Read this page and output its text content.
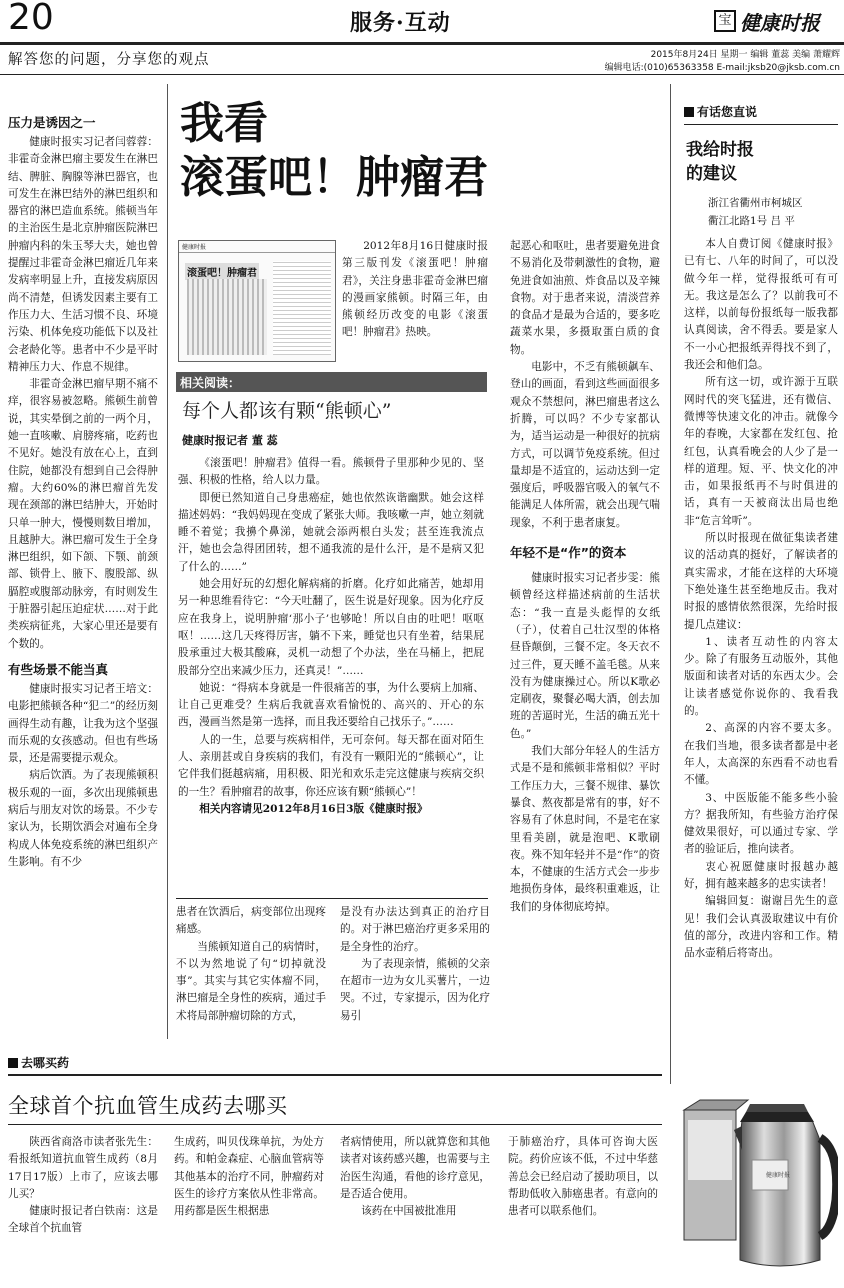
20	服务·互动	宝 健康时报
解答您的问题，分享您的观点	2015年8月24日 星期一 编辑 董蕊 美编 萧耀辉
编辑电话:(010)65363358 E-mail:jksb20@jksb.com.cn
压力是诱因之一

健康时报实习记者闫蓉蓉：非霍奇金淋巴瘤主要发生在淋巴结、脾脏、胸腺等淋巴器官，也可发生在淋巴结外的淋巴组织和器官的淋巴造血系统。熊顿当年的主治医生是北京肿瘤医院淋巴肿瘤内科的朱玉琴大夫，她也曾提醒过非霍奇金淋巴瘤近几年来发病率明显上升，直接发病原因尚不清楚，但诱发因素主要有工作压力大、生活习惯不良、环境污染、机体免疫功能低下以及社会老龄化等。患者中不少是平时精神压力大、作息不规律。

非霍奇金淋巴瘤早期不痛不痒，很容易被忽略。熊顿生前曾说，其实晕倒之前的一两个月，她一直咳嗽、肩膀疼痛，吃药也不见好。她没有放在心上，直到住院，她都没有想到自己会得肿瘤。大约60%的淋巴瘤首先发现在颈部的淋巴结肿大，开始时只单一肿大，慢慢则数目增加，且越肿大。淋巴瘤可发生于全身淋巴组织，如下颌、下颚、前颈部、锁骨上、腋下、腹股部、纵膈腔或腹部动脉旁，有时则发生于脏器引起压迫症状……对于此类疾病征兆，大家心里还是要有个数的。

有些场景不能当真

健康时报实习记者王培文：电影把熊顿各种“犯二”的经历刻画得生动有趣，让我为这个坚强而乐观的女孩感动。但也有些场景，还是需要提示观众。

病后饮酒。为了表现熊顿积极乐观的一面，多次出现熊顿患病后与朋友对饮的场景。不少专家认为，长期饮酒会对遍布全身构成人体免疫系统的淋巴组织产生影响。有不少

我看
滚蛋吧！肿瘤君
健康时报
滚蛋吧！肿瘤君

2012年8月16日健康时报第三版刊发《滚蛋吧！肿瘤君》，关注身患非霍奇金淋巴瘤的漫画家熊顿。时隔三年，由熊顿经历改变的电影《滚蛋吧！肿瘤君》热映。

相关阅读：
每个人都该有颗“熊顿心”
健康时报记者 董 蕊

《滚蛋吧！肿瘤君》值得一看。熊顿骨子里那种少见的、坚强、积极的性格，给人以力量。

即便已然知道自己身患癌症，她也依然诙谐幽默。她会这样描述妈妈：“我妈妈现在变成了紧张大师。我咳嗽一声，她立刻就睡不着觉；我擤个鼻涕，她就会添两根白头发；甚至连我流点汗，她也会急得团团转，想不通我流的是什么汗，是不是病又犯了什么的……”

她会用好玩的幻想化解病痛的折磨。化疗如此痛苦，她却用另一种思维看待它：“今天吐翻了，医生说是好现象。因为化疗反应在我身上，说明肿瘤‘那小子’也够呛！所以自由的吐吧！呕呕呕！……这几天疼得厉害，躺不下来，睡觉也只有坐着，结果屁股承重过大极其酸麻，灵机一动想了个办法，坐在马桶上，把屁股部分空出来减少压力，还真灵！”……

她说：“得病本身就是一件很痛苦的事，为什么要病上加痛、让自己更难受？生病后我就喜欢看愉悦的、高兴的、开心的东西，漫画当然是第一选择，而且我还要给自己找乐子。”……

人的一生，总要与疾病相伴，无可奈何。每天都在面对陌生人、亲朋甚或自身疾病的我们，有没有一颗阳光的“熊顿心”，让它伴我们挺越病痛，用积极、阳光和欢乐走完这健康与疾病交织的一生？看肿瘤君的故事，你还应该有颗“熊顿心”！

相关内容请见2012年8月16日3版《健康时报》

患者在饮酒后，病变部位出现疼痛感。

当熊顿知道自己的病情时，不以为然地说了句“切掉就没事”。其实与其它实体瘤不同，淋巴瘤是全身性的疾病，通过手术将局部肿瘤切除的方式，

是没有办法达到真正的治疗目的。对于淋巴癌治疗更多采用的是全身性的治疗。

为了表现亲情，熊顿的父亲在超市一边为女儿买薯片，一边哭。不过，专家提示，因为化疗易引

起恶心和呕吐，患者要避免进食不易消化及带刺激性的食物，避免进食如油煎、炸食品以及辛辣食物。对于患者来说，清淡营养的食品才是最为合适的，要多吃蔬菜水果，多摄取蛋白质的食物。

电影中，不乏有熊顿飙车、登山的画面，看到这些画面很多观众不禁想问，淋巴瘤患者这么折腾，可以吗？不少专家都认为，适当运动是一种很好的抗病方式，可以调节免疫系统。但过量却是不适宜的，运动达到一定强度后，呼吸器官吸入的氧气不能满足人体所需，就会出现气喘现象，不利于患者康复。

年轻不是“作”的资本

健康时报实习记者步雯：熊顿曾经这样描述病前的生活状态：“我一直是头彪悍的女纸（子），仗着自己壮汉型的体格昼昏颠倒，三餐不定。冬天衣不过三件，夏天睡不盖毛毯。从来没有为健康操过心。所以K歌必定刷夜，聚餐必喝大酒，创去加班的苦逼时光，生活的确五光十色。”

我们大部分年轻人的生活方式是不是和熊顿非常相似？平时工作压力大，三餐不规律、暴饮暴食、熬夜都是常有的事，好不容易有了休息时间，不是宅在家里看美剧，就是泡吧、K歌刷夜。殊不知年轻并不是“作”的资本，不健康的生活方式会一步步地损伤身体，最终积重难返，让我们的身体彻底垮掉。

有话您直说
我给时报
的建议
浙江省衢州市柯城区
衢江北路1号 吕 平

本人自费订阅《健康时报》已有七、八年的时间了，可以没做今年一样，觉得报纸可有可无。我这是怎么了？以前我可不这样，以前每份报纸每一版我都认真阅读，舍不得丢。要是家人不一小心把报纸弄得找不到了，我还会和他们急。

所有这一切，或许源于互联网时代的突飞猛进，还有微信、微博等快速文化的冲击。就像今年的春晚，大家都在发红包、抢红包，认真看晚会的人少了是一样的道理。短、平、快文化的冲击，如果报纸再不与时俱进的话，真有一天被商汰出局也绝非“危言耸听”。

所以时报现在做征集读者建议的活动真的挺好，了解读者的真实需求，才能在这样的大环境下绝处逢生甚至绝地反击。我对时报的感情依然很深，先给时报提几点建议：

1、读者互动性的内容太少。除了有服务互动版外，其他版面和读者对话的东西太少。会让读者感觉你说你的、我看我的。

2、高深的内容不要太多。在我们当地，很多读者都是中老年人，太高深的东西看不动也看不懂。

3、中医版能不能多些小验方？据我所知，有些验方治疗保健效果很好，可以通过专家、学者的验证后，推向读者。

衷心祝愿健康时报越办越好，拥有越来越多的忠实读者！

编辑回复：谢谢吕先生的意见！我们会认真汲取建议中有价值的部分，改进内容和工作。精品水壶稍后将寄出。

去哪买药
全球首个抗血管生成药去哪买

陕西省商洛市读者张先生：看报纸知道抗血管生成药（8月17日17版）上市了，应该去哪儿买？

健康时报记者白铁南：这是全球首个抗血管

生成药，叫贝伐珠单抗，为处方药。和帕金森症、心脑血管病等其他基本的治疗不同，肿瘤药对医生的诊疗方案依从性非常高。用药都是医生根据患

者病情使用，所以就算您和其他读者对该药感兴趣，也需要与主治医生沟通，看他的诊疗意见，是否适合使用。

该药在中国被批准用

于肺癌治疗，具体可咨询大医院。药价应该不低，不过中华慈善总会已经启动了援助项目，以帮助低收入肺癌患者。有意向的患者可以联系他们。

健康时报
